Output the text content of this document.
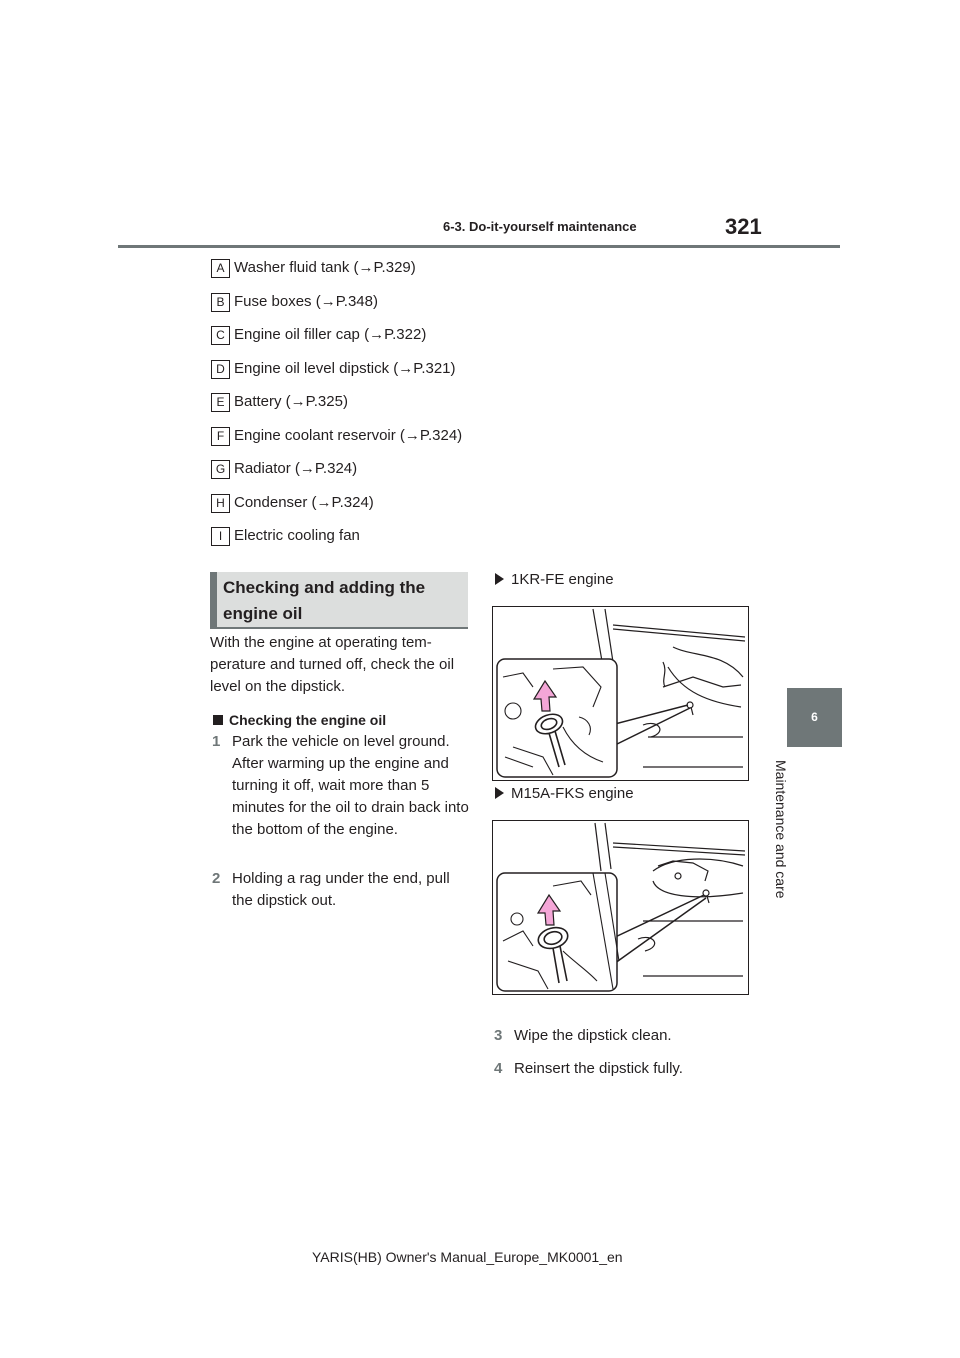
6-3. Do-it-yourself maintenance	321
6
Maintenance and care
A Washer fluid tank (→P.329)
B Fuse boxes (→P.348)
C Engine oil filler cap (→P.322)
D Engine oil level dipstick (→P.321)
E Battery (→P.325)
F Engine coolant reservoir (→P.324)
G Radiator (→P.324)
H Condenser (→P.324)
I Electric cooling fan
Checking and adding the engine oil
With the engine at operating tem-perature and turned off, check the oil level on the dipstick.
Checking the engine oil
1 Park the vehicle on level ground. After warming up the engine and turning it off, wait more than 5 minutes for the oil to drain back into the bottom of the engine.
2 Holding a rag under the end, pull the dipstick out.
1KR-FE engine
M15A-FKS engine
3 Wipe the dipstick clean.
4 Reinsert the dipstick fully.
YARIS(HB) Owner's Manual_Europe_MK0001_en
